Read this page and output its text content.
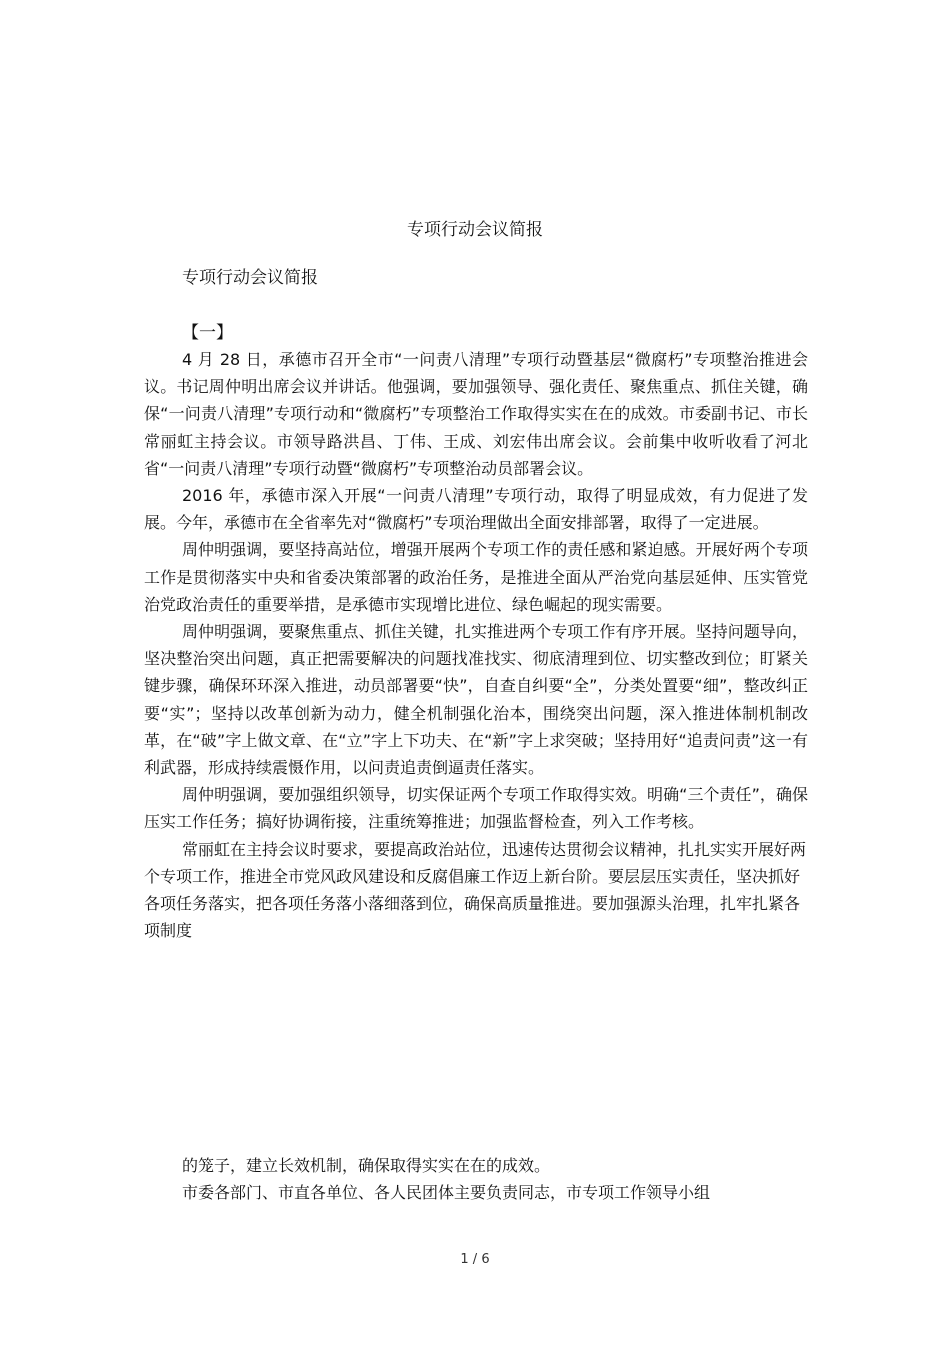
专项行动会议简报
专项行动会议简报
【一】

4 月 28 日，承德市召开全市“一问责八清理”专项行动暨基层“微腐朽”专项整治推进会议。书记周仲明出席会议并讲话。他强调，要加强领导、强化责任、聚焦重点、抓住关键，确保“一问责八清理”专项行动和“微腐朽”专项整治工作取得实实在在的成效。市委副书记、市长常丽虹主持会议。市领导路洪昌、丁伟、王成、刘宏伟出席会议。会前集中收听收看了河北省“一问责八清理”专项行动暨“微腐朽”专项整治动员部署会议。

2016 年，承德市深入开展“一问责八清理”专项行动，取得了明显成效，有力促进了发展。今年，承德市在全省率先对“微腐朽”专项治理做出全面安排部署，取得了一定进展。

周仲明强调，要坚持高站位，增强开展两个专项工作的责任感和紧迫感。开展好两个专项工作是贯彻落实中央和省委决策部署的政治任务，是推进全面从严治党向基层延伸、压实管党治党政治责任的重要举措，是承德市实现增比进位、绿色崛起的现实需要。

周仲明强调，要聚焦重点、抓住关键，扎实推进两个专项工作有序开展。坚持问题导向，坚决整治突出问题，真正把需要解决的问题找准找实、彻底清理到位、切实整改到位；盯紧关键步骤，确保环环深入推进，动员部署要“快”，自查自纠要“全”，分类处置要“细”，整改纠正要“实”；坚持以改革创新为动力，健全机制强化治本，围绕突出问题，深入推进体制机制改革，在“破”字上做文章、在“立”字上下功夫、在“新”字上求突破；坚持用好“追责问责”这一有利武器，形成持续震慑作用，以问责追责倒逼责任落实。

周仲明强调，要加强组织领导，切实保证两个专项工作取得实效。明确“三个责任”，确保压实工作任务；搞好协调衔接，注重统筹推进；加强监督检查，列入工作考核。

常丽虹在主持会议时要求，要提高政治站位，迅速传达贯彻会议精神，扎扎实实开展好两个专项工作，推进全市党风政风建设和反腐倡廉工作迈上新台阶。要层层压实责任，坚决抓好各项任务落实，把各项任务落小落细落到位，确保高质量推进。要加强源头治理，扎牢扎紧各项制度

的笼子，建立长效机制，确保取得实实在在的成效。

市委各部门、市直各单位、各人民团体主要负责同志，市专项工作领导小组

1 / 6
